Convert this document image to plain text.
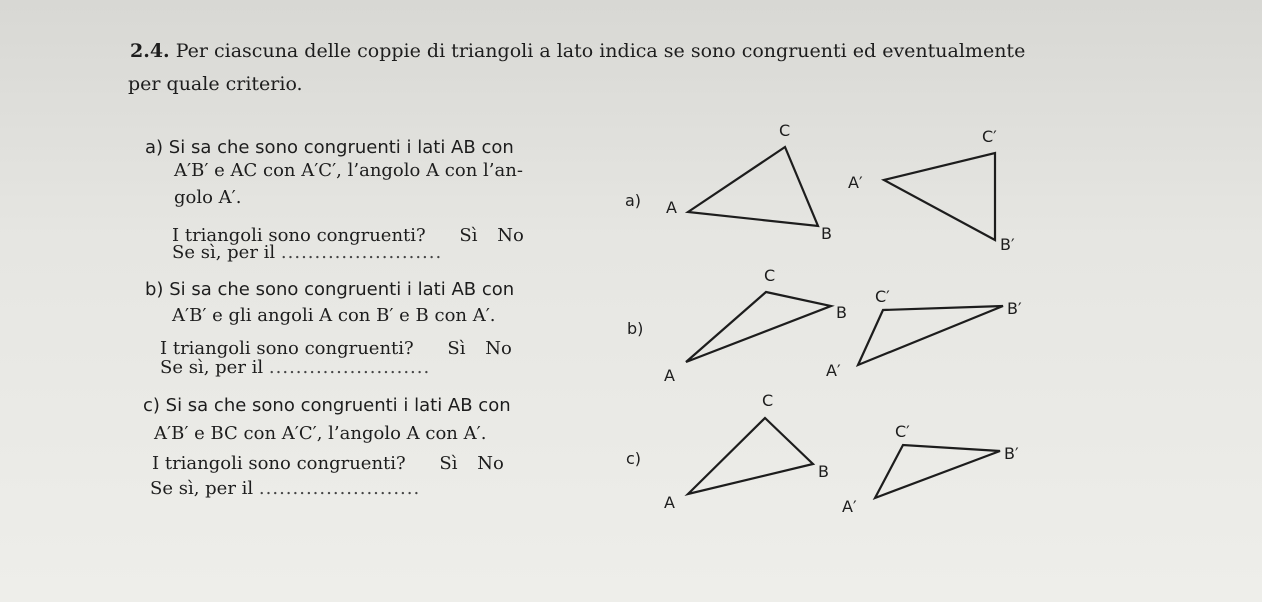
2.4. Per ciascuna delle coppie di triangoli a lato indica se sono congruenti ed eventualmente
per quale criterio.
a) Si sa che sono congruenti i lati AB con
A′B′ e AC con A′C′, l’angolo A con l’an-
golo A′.
I triangoli sono congruenti? Sì No
Se sì, per il ........................
b) Si sa che sono congruenti i lati AB con
A′B′ e gli angoli A con B′ e B con A′.
I triangoli sono congruenti? Sì No
Se sì, per il ........................
c) Si sa che sono congruenti i lati AB con
A′B′ e BC con A′C′, l’angolo A con A′.
I triangoli sono congruenti? Sì No
Se sì, per il ........................
a) A
C
B
A′
C′
B′
b)
A
C
B
A′
C′
B′
c)
A
C
B
A′
C′
B′
